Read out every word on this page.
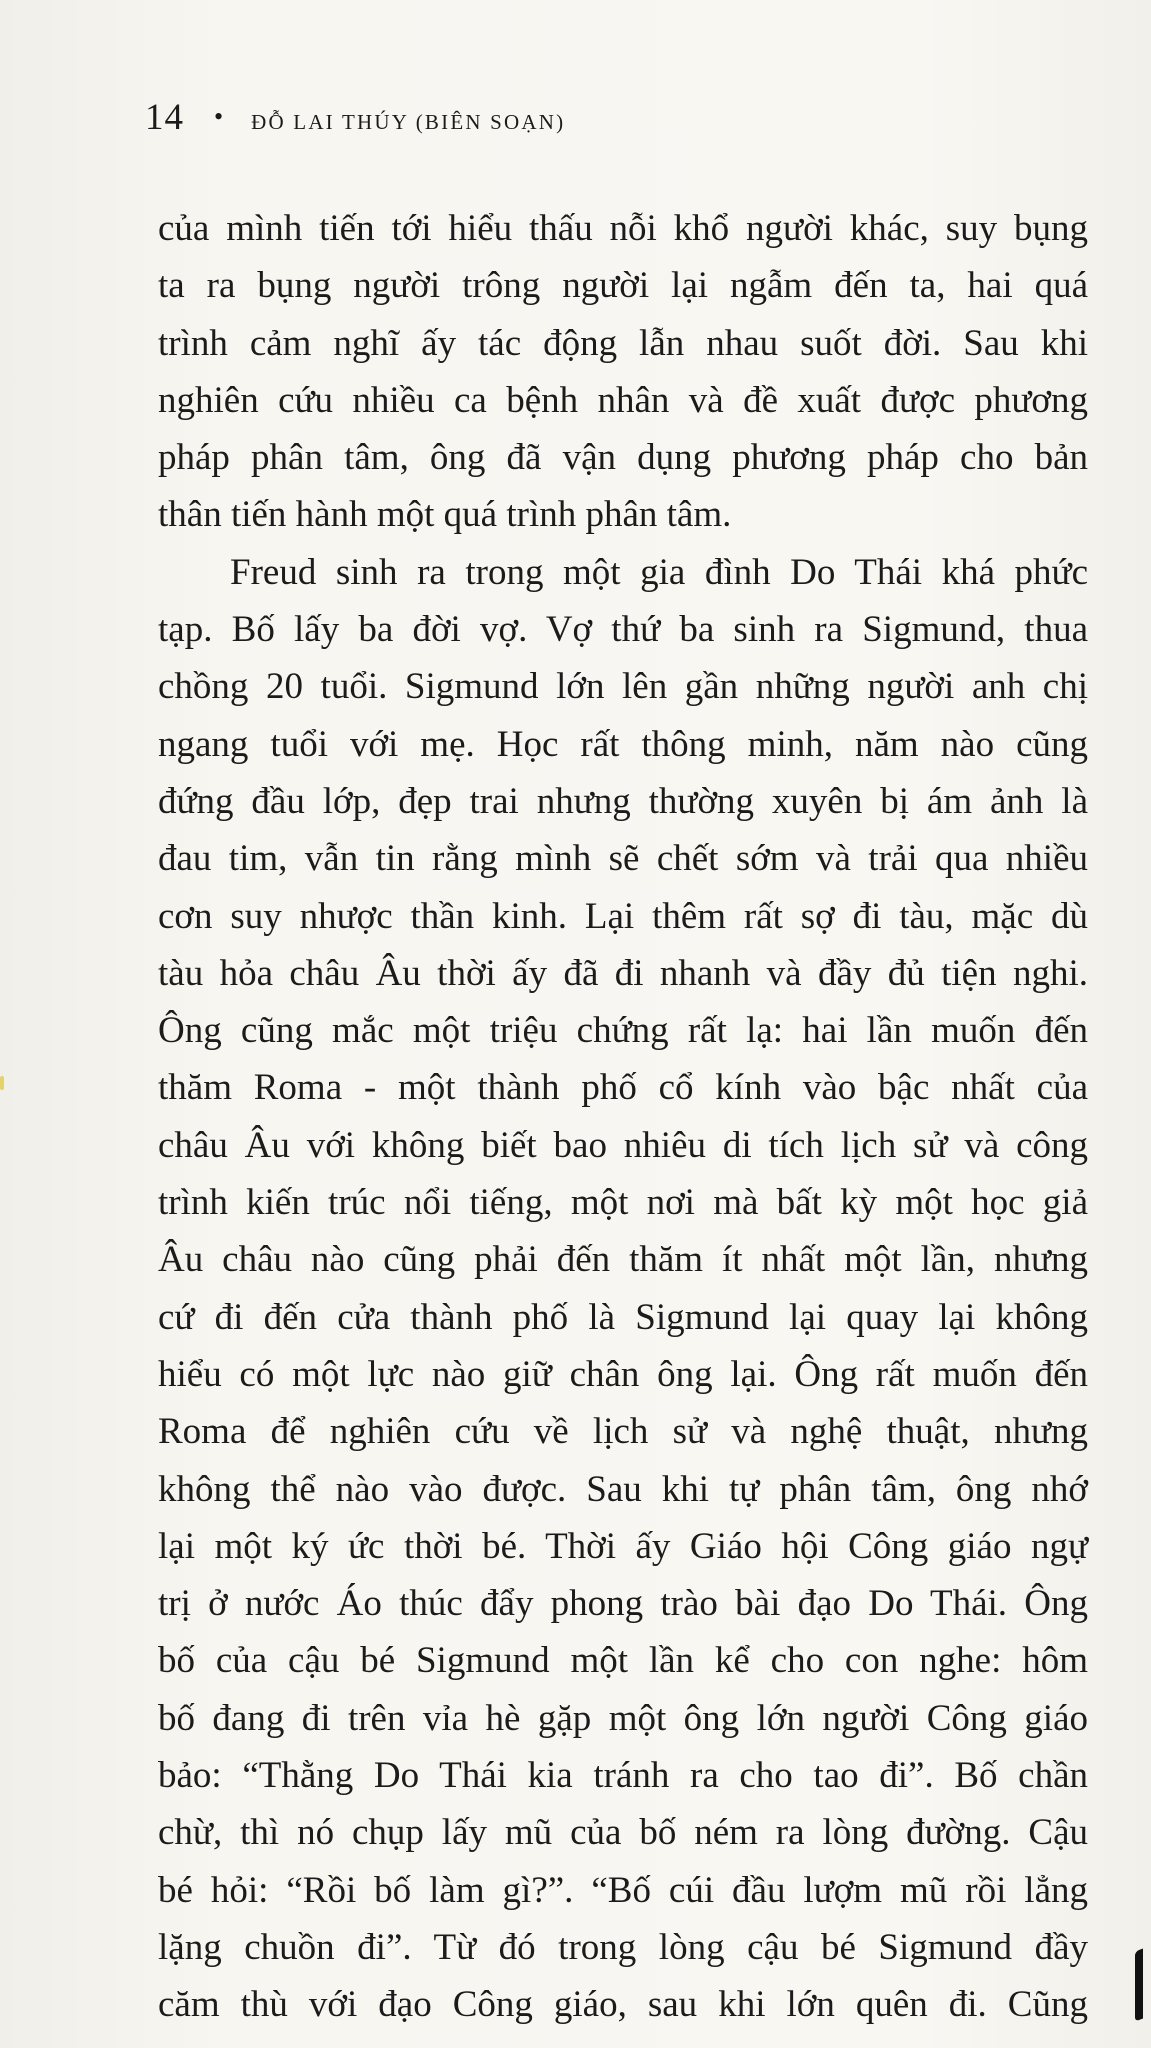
14 • ĐỖ LAI THÚY (BIÊN SOẠN)
của mình tiến tới hiểu thấu nỗi khổ người khác, suy bụng
ta ra bụng người trông người lại ngẫm đến ta, hai quá
trình cảm nghĩ ấy tác động lẫn nhau suốt đời. Sau khi
nghiên cứu nhiều ca bệnh nhân và đề xuất được phương
pháp phân tâm, ông đã vận dụng phương pháp cho bản
thân tiến hành một quá trình phân tâm.
Freud sinh ra trong một gia đình Do Thái khá phức
tạp. Bố lấy ba đời vợ. Vợ thứ ba sinh ra Sigmund, thua
chồng 20 tuổi. Sigmund lớn lên gần những người anh chị
ngang tuổi với mẹ. Học rất thông minh, năm nào cũng
đứng đầu lớp, đẹp trai nhưng thường xuyên bị ám ảnh là
đau tim, vẫn tin rằng mình sẽ chết sớm và trải qua nhiều
cơn suy nhược thần kinh. Lại thêm rất sợ đi tàu, mặc dù
tàu hỏa châu Âu thời ấy đã đi nhanh và đầy đủ tiện nghi.
Ông cũng mắc một triệu chứng rất lạ: hai lần muốn đến
thăm Roma - một thành phố cổ kính vào bậc nhất của
châu Âu với không biết bao nhiêu di tích lịch sử và công
trình kiến trúc nổi tiếng, một nơi mà bất kỳ một học giả
Âu châu nào cũng phải đến thăm ít nhất một lần, nhưng
cứ đi đến cửa thành phố là Sigmund lại quay lại không
hiểu có một lực nào giữ chân ông lại. Ông rất muốn đến
Roma để nghiên cứu về lịch sử và nghệ thuật, nhưng
không thể nào vào được. Sau khi tự phân tâm, ông nhớ
lại một ký ức thời bé. Thời ấy Giáo hội Công giáo ngự
trị ở nước Áo thúc đẩy phong trào bài đạo Do Thái. Ông
bố của cậu bé Sigmund một lần kể cho con nghe: hôm
bố đang đi trên vỉa hè gặp một ông lớn người Công giáo
bảo: “Thằng Do Thái kia tránh ra cho tao đi”. Bố chần
chừ, thì nó chụp lấy mũ của bố ném ra lòng đường. Cậu
bé hỏi: “Rồi bố làm gì?”. “Bố cúi đầu lượm mũ rồi lẳng
lặng chuồn đi”. Từ đó trong lòng cậu bé Sigmund đầy
căm thù với đạo Công giáo, sau khi lớn quên đi. Cũng
